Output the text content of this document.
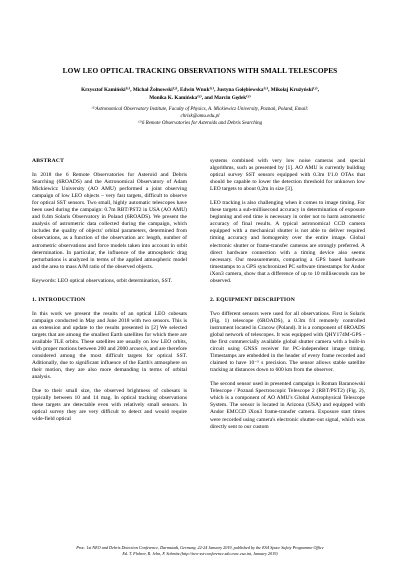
LOW LEO OPTICAL TRACKING OBSERVATIONS WITH SMALL TELESCOPES
Krzysztof Kamiński⁽¹⁾, Michał Żołnowski⁽²⁾, Edwin Wnuk⁽¹⁾, Justyna Gołębiewska⁽¹⁾, Mikołaj Krużyński⁽¹⁾,
Monika K. Kamińska⁽¹⁾, and Marcin Gędek⁽¹⁾
⁽¹⁾Astronomical Observatory Institute, Faculty of Physics, A. Mickiewicz University, Poznań, Poland, Email:
chrisk@amu.edu.pl
⁽²⁾6 Remote Observatories for Asteroids and Debris Searching
ABSTRACT
In 2018 the 6 Remote Observatories for Asteroid and Debris Searching (6ROADS) and the Astronomical Observatory of Adam Mickiewicz University (AO AMU) performed a joint observing campaign of low LEO objects – very fast targets, difficult to observe for optical SST sensors. Two small, highly automatic telescopes have been used during the campaign: 0.7m RBT/PST2 in USA (AO AMU) and 0.4m Solaris Observatory in Poland (6ROADS). We present the analysis of astrometric data collected during the campaign, which includes the quality of objects' orbital parameters, determined from observations, as a function of the observation arc length, number of astrometric observations and force models taken into account in orbit determination. In particular, the influence of the atmospheric drag perturbations is analyzed in terms of the applied atmospheric model and the area to mass A/M ratio of the observed objects.
Keywords: LEO optical observations, orbit determination, SST.
1. INTRODUCTION
In this work we present the results of an optical LEO cubesats campaign conducted in May and June 2018 with two sensors. This is an extension and update to the results presented in [2] We selected targets that are among the smallest Earth satellites for which there are available TLE orbits. These satellites are usually on low LEO orbits, with proper motions between 200 and 2000 arcsec/s, and are therefore considered among the most difficult targets for optical SST. Aditionally, due to significant influence of the Earth's atmosphere on their motion, they are also more demanding in terms of orbital analysis.
Due to their small size, the observed brightness of cubesats is typically between 10 and 14 mag. In optical tracking observations these targets are detectable even with relatively small sensors. In optical survey they are very difficult to detect and would require wide-field optical
systems combined with very low noise cameras and special algorithms, such as presented by [1]. AO AMU is currently building optical survey SST sensors equipped with 0.3m f/1.0 OTAs that should be capable to lower the detection threshold for unknown low LEO targets to about 0,2m in size [3].
LEO tracking is also challenging when it comes to image timing. For these targets a sub-millisecond accuracy in determination of exposure beginning and end time is necessary in order not to harm astrometric accuracy of final results. A typical astronomical CCD camera equipped with a mechanical shutter is not able to deliver required timing accuracy and homogenity over the entire image. Global electronic shutter or frame-transfer cameras are strongly preferred. A direct hardware connection with a timing device also seems necessary. Our measurements, comparing a GPS based hardware timestamps to a GPS synchronized PC software timestamps for Andor iXon3 camera, show that a difference of up to 10 milliseconds can be observed.
2. EQUIPMENT DESCRIPTION
Two different sensors were used for all observations. First is Solaris (Fig. 1) telescope (6ROADS), a 0.3m f/4 remotely controlled instrument located in Cracow (Poland). It is a component of 6ROADS global network of telescopes. It was equipped with QHY174M-GPS - the first commercially available global shutter camera with a built-in circuit using GNSS receiver for PC-independent image timing. Timestamps are embedded in the header of every frame recorded and claimed to have 10⁻⁵ s precision. The sensor allows stable satellite tracking at distances down to 600 km from the observer.
The second sensor used in presented campaign is Roman Baranowski Telescope / Poznań Spectroscopic Telescope 2 (RBT/PST2) (Fig. 2), which is a component of AO AMU's Global Astrophysical Telescope System. The sensor is located in Arizona (USA) and equipped with Andor EMCCD iXon3 frame-transfer camera. Exposure start times were recorded using camera's electronic shutter-out signal, which was directly sent to our custom
Proc. 1st NEO and Debris Detection Conference, Darmstadt, Germany, 22-24 January 2019, published by the ESA Space Safety Programme Office
Ed. T. Flohrer, R. Jehn, F. Schmitz (http://neo-sst-conference.sdo.esoc.esa.int, January 2019)
